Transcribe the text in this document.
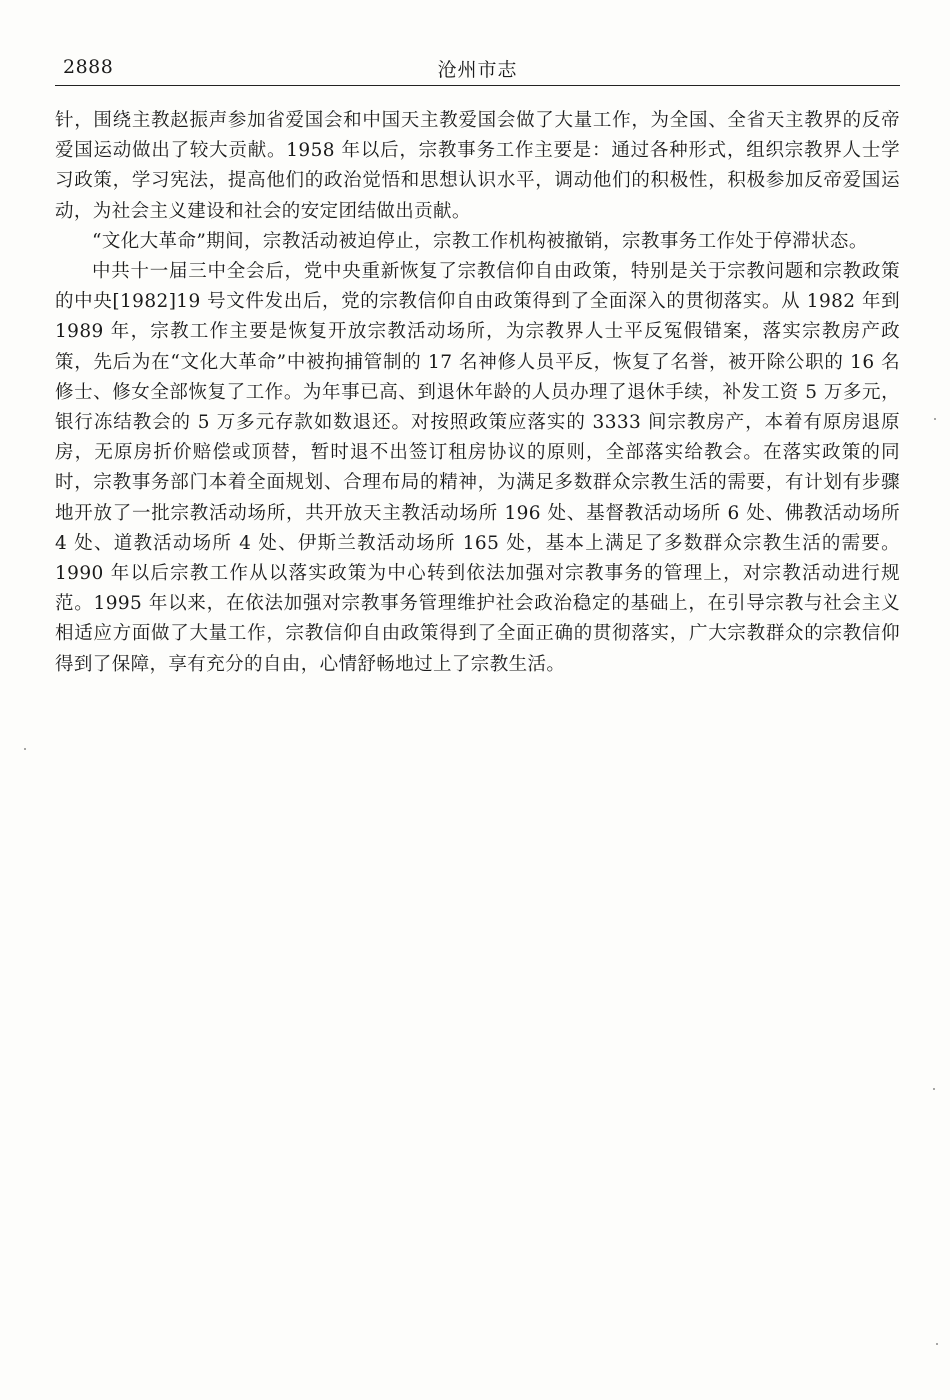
2888	沧州市志

针，围绕主教赵振声参加省爱国会和中国天主教爱国会做了大量工作，为全国、全省天主教界的反帝爱国运动做出了较大贡献。1958 年以后，宗教事务工作主要是：通过各种形式，组织宗教界人士学习政策，学习宪法，提高他们的政治觉悟和思想认识水平，调动他们的积极性，积极参加反帝爱国运动，为社会主义建设和社会的安定团结做出贡献。

“文化大革命”期间，宗教活动被迫停止，宗教工作机构被撤销，宗教事务工作处于停滞状态。

中共十一届三中全会后，党中央重新恢复了宗教信仰自由政策，特别是关于宗教问题和宗教政策的中央[1982]19 号文件发出后，党的宗教信仰自由政策得到了全面深入的贯彻落实。从 1982 年到 1989 年，宗教工作主要是恢复开放宗教活动场所，为宗教界人士平反冤假错案，落实宗教房产政策，先后为在“文化大革命”中被拘捕管制的 17 名神修人员平反，恢复了名誉，被开除公职的 16 名修士、修女全部恢复了工作。为年事已高、到退休年龄的人员办理了退休手续，补发工资 5 万多元，银行冻结教会的 5 万多元存款如数退还。对按照政策应落实的 3333 间宗教房产，本着有原房退原房，无原房折价赔偿或顶替，暂时退不出签订租房协议的原则，全部落实给教会。在落实政策的同时，宗教事务部门本着全面规划、合理布局的精神，为满足多数群众宗教生活的需要，有计划有步骤地开放了一批宗教活动场所，共开放天主教活动场所 196 处、基督教活动场所 6 处、佛教活动场所 4 处、道教活动场所 4 处、伊斯兰教活动场所 165 处，基本上满足了多数群众宗教生活的需要。1990 年以后宗教工作从以落实政策为中心转到依法加强对宗教事务的管理上，对宗教活动进行规范。1995 年以来，在依法加强对宗教事务管理维护社会政治稳定的基础上，在引导宗教与社会主义相适应方面做了大量工作，宗教信仰自由政策得到了全面正确的贯彻落实，广大宗教群众的宗教信仰得到了保障，享有充分的自由，心情舒畅地过上了宗教生活。
